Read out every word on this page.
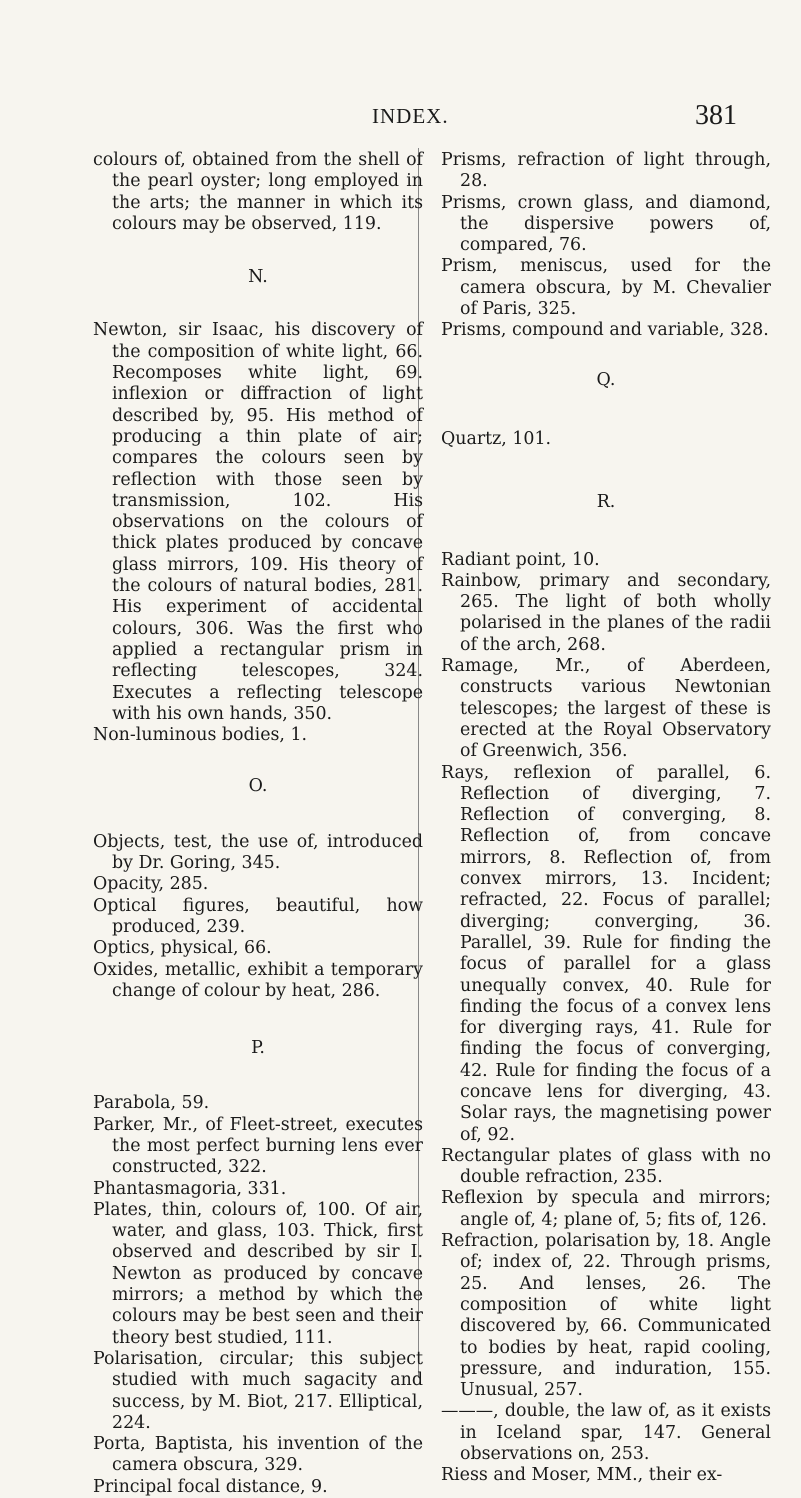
INDEX.	381

colours of, obtained from the shell of the pearl oyster; long employed in the arts; the manner in which its colours may be observed, 119.

N.

Newton, sir Isaac, his discovery of the composition of white light, 66. Recomposes white light, 69. inflexion or diffraction of light described by, 95. His method of producing a thin plate of air; compares the colours seen by reflection with those seen by transmission, 102. His observations on the colours of thick plates produced by concave glass mirrors, 109. His theory of the colours of natural bodies, 281. His experiment of accidental colours, 306. Was the first who applied a rectangular prism in reflecting telescopes, 324. Executes a reflecting telescope with his own hands, 350.

Non-luminous bodies, 1.

O.

Objects, test, the use of, introduced by Dr. Goring, 345.

Opacity, 285.

Optical figures, beautiful, how produced, 239.

Optics, physical, 66.

Oxides, metallic, exhibit a temporary change of colour by heat, 286.

P.

Parabola, 59.

Parker, Mr., of Fleet-street, executes the most perfect burning lens ever constructed, 322.

Phantasmagoria, 331.

Plates, thin, colours of, 100. Of air, water, and glass, 103. Thick, first observed and described by sir I. Newton as produced by concave mirrors; a method by which the colours may be best seen and their theory best studied, 111.

Polarisation, circular; this subject studied with much sagacity and success, by M. Biot, 217. Elliptical, 224.

Porta, Baptista, his invention of the camera obscura, 329.

Principal focal distance, 9.

Prisms, refraction of light through, 28.

Prisms, crown glass, and diamond, the dispersive powers of, compared, 76.

Prism, meniscus, used for the camera obscura, by M. Chevalier of Paris, 325.

Prisms, compound and variable, 328.

Q.

Quartz, 101.

R.

Radiant point, 10.

Rainbow, primary and secondary, 265. The light of both wholly polarised in the planes of the radii of the arch, 268.

Ramage, Mr., of Aberdeen, constructs various Newtonian telescopes; the largest of these is erected at the Royal Observatory of Greenwich, 356.

Rays, reflexion of parallel, 6. Reflection of diverging, 7. Reflection of converging, 8. Reflection of, from concave mirrors, 8. Reflection of, from convex mirrors, 13. Incident; refracted, 22. Focus of parallel; diverging; converging, 36. Parallel, 39. Rule for finding the focus of parallel for a glass unequally convex, 40. Rule for finding the focus of a convex lens for diverging rays, 41. Rule for finding the focus of converging, 42. Rule for finding the focus of a concave lens for diverging, 43. Solar rays, the magnetising power of, 92.

Rectangular plates of glass with no double refraction, 235.

Reflexion by specula and mirrors; angle of, 4; plane of, 5; fits of, 126.

Refraction, polarisation by, 18. Angle of; index of, 22. Through prisms, 25. And lenses, 26. The composition of white light discovered by, 66. Communicated to bodies by heat, rapid cooling, pressure, and induration, 155. Unusual, 257.

———, double, the law of, as it exists in Iceland spar, 147. General observations on, 253.

Riess and Moser, MM., their ex-
